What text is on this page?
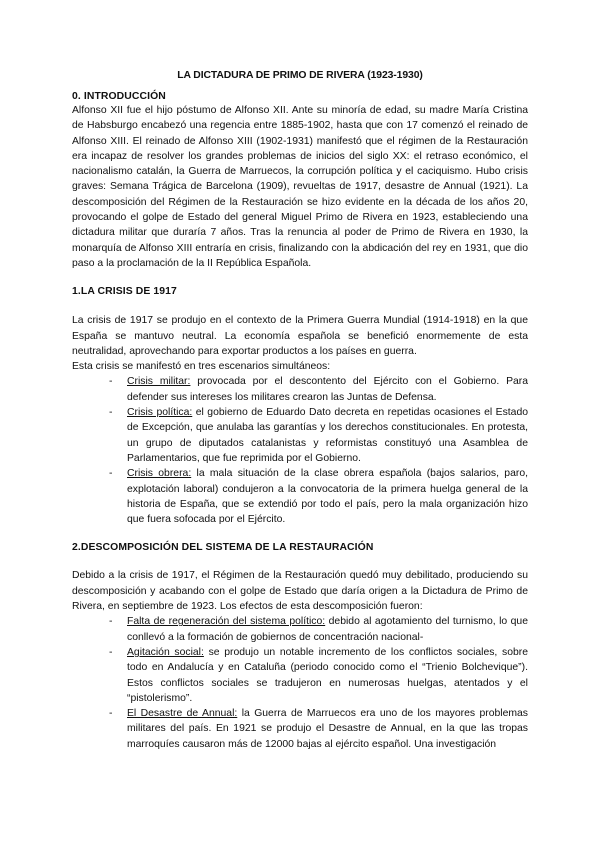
LA DICTADURA DE PRIMO DE RIVERA (1923-1930)
0. INTRODUCCIÓN

Alfonso XII fue el hijo póstumo de Alfonso XII. Ante su minoría de edad, su madre María Cristina de Habsburgo encabezó una regencia entre 1885-1902, hasta que con 17 comenzó el reinado de Alfonso XIII. El reinado de Alfonso XIII (1902-1931) manifestó que el régimen de la Restauración era incapaz de resolver los grandes problemas de inicios del siglo XX: el retraso económico, el nacionalismo catalán, la Guerra de Marruecos, la corrupción política y el caciquismo. Hubo crisis graves: Semana Trágica de Barcelona (1909), revueltas de 1917, desastre de Annual (1921). La descomposición del Régimen de la Restauración se hizo evidente en la década de los años 20, provocando el golpe de Estado del general Miguel Primo de Rivera en 1923, estableciendo una dictadura militar que duraría 7 años. Tras la renuncia al poder de Primo de Rivera en 1930, la monarquía de Alfonso XIII entraría en crisis, finalizando con la abdicación del rey en 1931, que dio paso a la proclamación de la II República Española.

1.LA CRISIS DE 1917

La crisis de 1917 se produjo en el contexto de la Primera Guerra Mundial (1914-1918) en la que España se mantuvo neutral. La economía española se benefició enormemente de esta neutralidad, aprovechando para exportar productos a los países en guerra.

Esta crisis se manifestó en tres escenarios simultáneos:

- Crisis militar: provocada por el descontento del Ejército con el Gobierno. Para defender sus intereses los militares crearon las Juntas de Defensa.
- Crisis política: el gobierno de Eduardo Dato decreta en repetidas ocasiones el Estado de Excepción, que anulaba las garantías y los derechos constitucionales. En protesta, un grupo de diputados catalanistas y reformistas constituyó una Asamblea de Parlamentarios, que fue reprimida por el Gobierno.
- Crisis obrera: la mala situación de la clase obrera española (bajos salarios, paro, explotación laboral) condujeron a la convocatoria de la primera huelga general de la historia de España, que se extendió por todo el país, pero la mala organización hizo que fuera sofocada por el Ejército.
2.DESCOMPOSICIÓN DEL SISTEMA DE LA RESTAURACIÓN

Debido a la crisis de 1917, el Régimen de la Restauración quedó muy debilitado, produciendo su descomposición y acabando con el golpe de Estado que daría origen a la Dictadura de Primo de Rivera, en septiembre de 1923. Los efectos de esta descomposición fueron:

- Falta de regeneración del sistema político: debido al agotamiento del turnismo, lo que conllevó a la formación de gobiernos de concentración nacional-
- Agitación social: se produjo un notable incremento de los conflictos sociales, sobre todo en Andalucía y en Cataluña (periodo conocido como el “Trienio Bolchevique”). Estos conflictos sociales se tradujeron en numerosas huelgas, atentados y el “pistolerismo”.
- El Desastre de Annual: la Guerra de Marruecos era uno de los mayores problemas militares del país. En 1921 se produjo el Desastre de Annual, en la que las tropas marroquíes causaron más de 12000 bajas al ejército español. Una investigación
